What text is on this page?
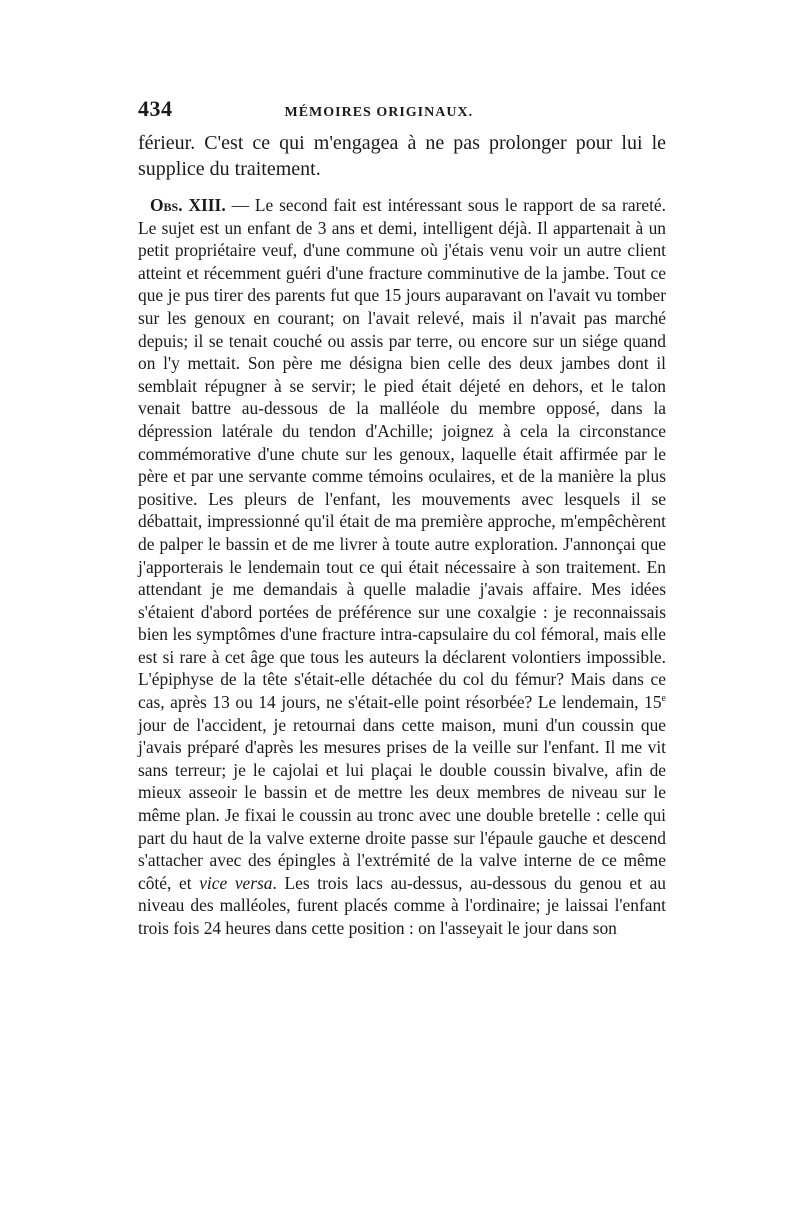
434	MÉMOIRES ORIGINAUX.

férieur. C'est ce qui m'engagea à ne pas prolonger pour lui le supplice du traitement.

Obs. XIII. — Le second fait est intéressant sous le rapport de sa rareté. Le sujet est un enfant de 3 ans et demi, intelligent déjà. Il appartenait à un petit propriétaire veuf, d'une commune où j'étais venu voir un autre client atteint et récemment guéri d'une fracture comminutive de la jambe. Tout ce que je pus tirer des parents fut que 15 jours auparavant on l'avait vu tomber sur les genoux en courant; on l'avait relevé, mais il n'avait pas marché depuis; il se tenait couché ou assis par terre, ou encore sur un siége quand on l'y mettait. Son père me désigna bien celle des deux jambes dont il semblait répugner à se servir; le pied était déjeté en dehors, et le talon venait battre au-dessous de la malléole du membre opposé, dans la dépression latérale du tendon d'Achille; joignez à cela la circonstance commémorative d'une chute sur les genoux, laquelle était affirmée par le père et par une servante comme témoins oculaires, et de la manière la plus positive. Les pleurs de l'enfant, les mouvements avec lesquels il se débattait, impressionné qu'il était de ma première approche, m'empêchèrent de palper le bassin et de me livrer à toute autre exploration. J'annonçai que j'apporterais le lendemain tout ce qui était nécessaire à son traitement. En attendant je me demandais à quelle maladie j'avais affaire. Mes idées s'étaient d'abord portées de préférence sur une coxalgie : je reconnaissais bien les symptômes d'une fracture intra-capsulaire du col fémoral, mais elle est si rare à cet âge que tous les auteurs la déclarent volontiers impossible. L'épiphyse de la tête s'était-elle détachée du col du fémur? Mais dans ce cas, après 13 ou 14 jours, ne s'était-elle point résorbée? Le lendemain, 15e jour de l'accident, je retournai dans cette maison, muni d'un coussin que j'avais préparé d'après les mesures prises de la veille sur l'enfant. Il me vit sans terreur; je le cajolai et lui plaçai le double coussin bivalve, afin de mieux asseoir le bassin et de mettre les deux membres de niveau sur le même plan. Je fixai le coussin au tronc avec une double bretelle : celle qui part du haut de la valve externe droite passe sur l'épaule gauche et descend s'attacher avec des épingles à l'extrémité de la valve interne de ce même côté, et vice versa. Les trois lacs au-dessus, au-dessous du genou et au niveau des malléoles, furent placés comme à l'ordinaire; je laissai l'enfant trois fois 24 heures dans cette position : on l'asseyait le jour dans son
